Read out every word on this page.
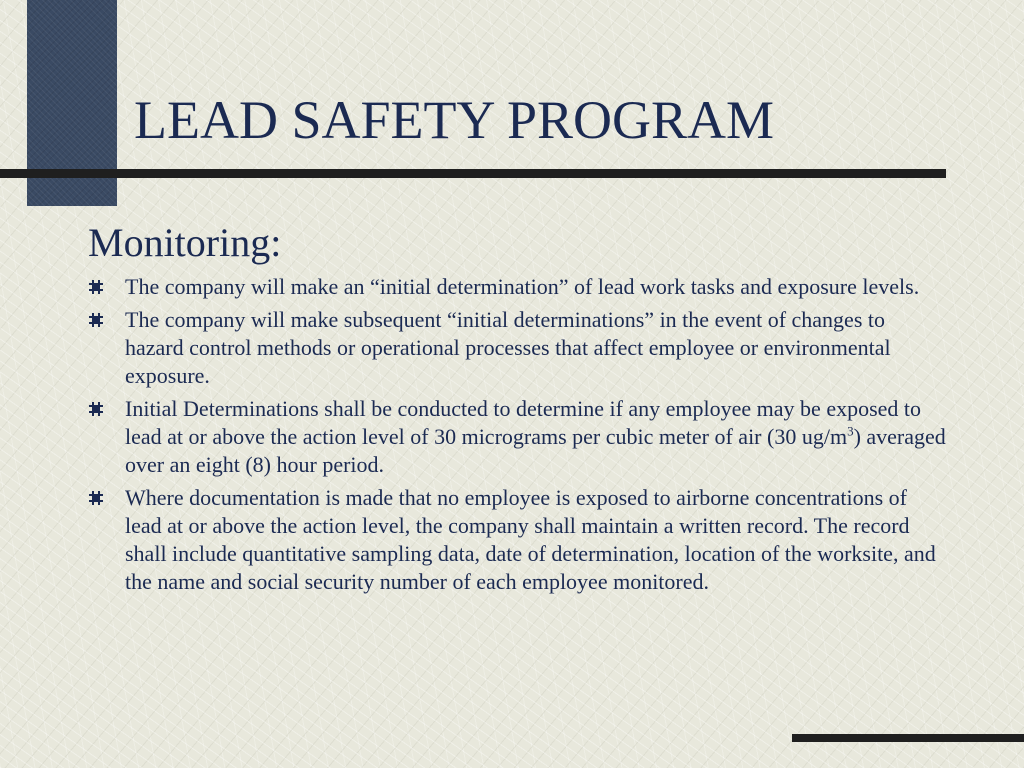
LEAD SAFETY PROGRAM
Monitoring:
The company will make an “initial determination” of lead work tasks and exposure levels.
The company will make subsequent “initial determinations” in the event of changes to hazard control methods or operational processes that affect employee or environmental exposure.
Initial Determinations shall be conducted to determine if any employee may be exposed to lead at or above the action level of 30 micrograms per cubic meter of air (30 $ug/m^3$) averaged over an eight (8) hour period.
Where documentation is made that no employee is exposed to airborne concentrations of lead at or above the action level, the company shall maintain a written record. The record shall include quantitative sampling data, date of determination, location of the worksite, and the name and social security number of each employee monitored.
